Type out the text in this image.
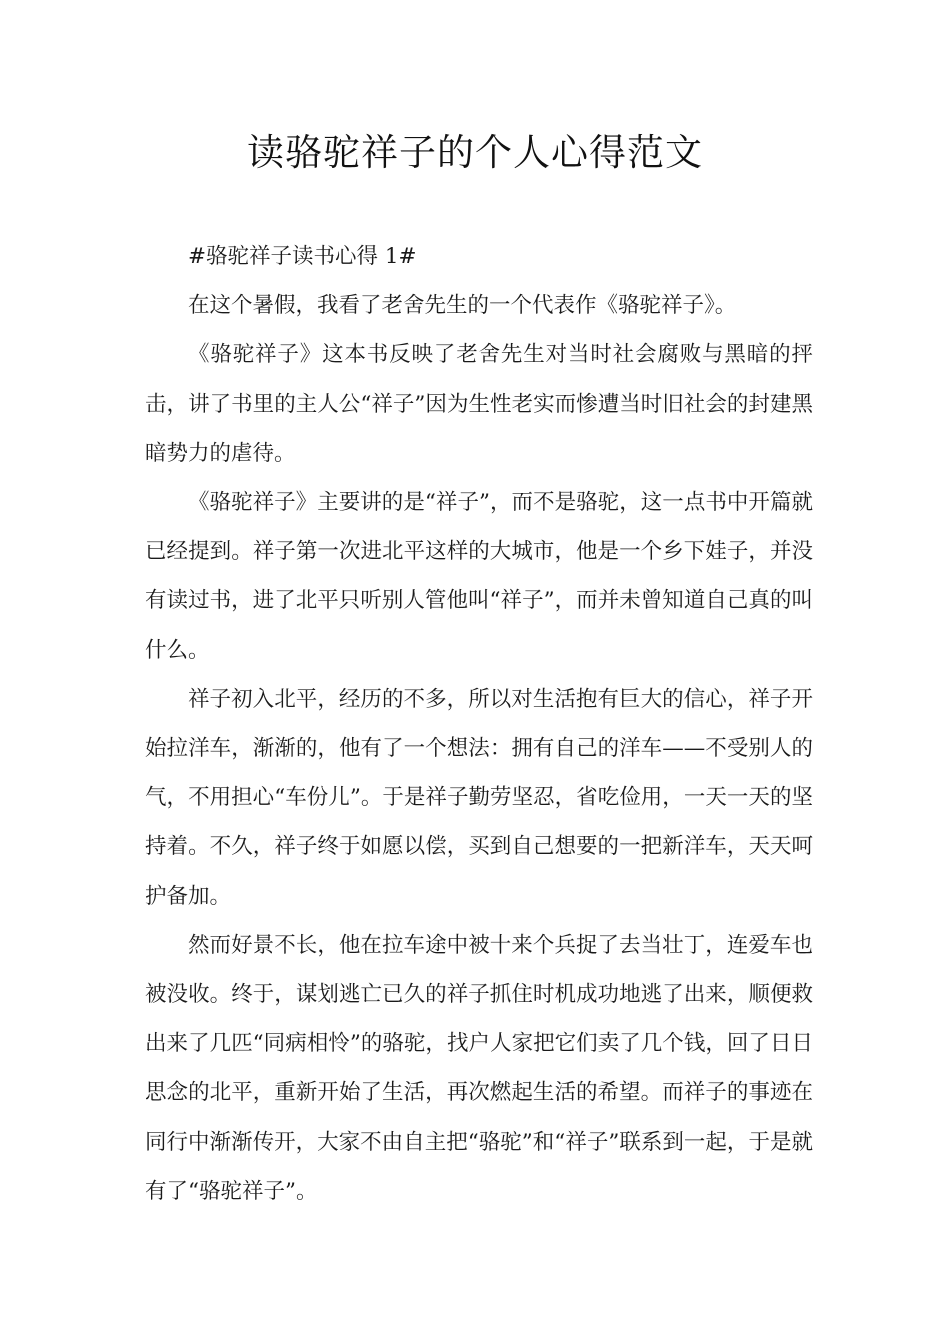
读骆驼祥子的个人心得范文

#骆驼祥子读书心得 1#

在这个暑假，我看了老舍先生的一个代表作《骆驼祥子》。

《骆驼祥子》这本书反映了老舍先生对当时社会腐败与黑暗的抨击，讲了书里的主人公“祥子”因为生性老实而惨遭当时旧社会的封建黑暗势力的虐待。

《骆驼祥子》主要讲的是“祥子”，而不是骆驼，这一点书中开篇就已经提到。祥子第一次进北平这样的大城市，他是一个乡下娃子，并没有读过书，进了北平只听别人管他叫“祥子”，而并未曾知道自己真的叫什么。

祥子初入北平，经历的不多，所以对生活抱有巨大的信心，祥子开始拉洋车，渐渐的，他有了一个想法：拥有自己的洋车——不受别人的气，不用担心“车份儿”。于是祥子勤劳坚忍，省吃俭用，一天一天的坚持着。不久，祥子终于如愿以偿，买到自己想要的一把新洋车，天天呵护备加。

然而好景不长，他在拉车途中被十来个兵捉了去当壮丁，连爱车也被没收。终于，谋划逃亡已久的祥子抓住时机成功地逃了出来，顺便救出来了几匹“同病相怜”的骆驼，找户人家把它们卖了几个钱，回了日日思念的北平，重新开始了生活，再次燃起生活的希望。而祥子的事迹在同行中渐渐传开，大家不由自主把“骆驼”和“祥子”联系到一起，于是就有了“骆驼祥子”。
